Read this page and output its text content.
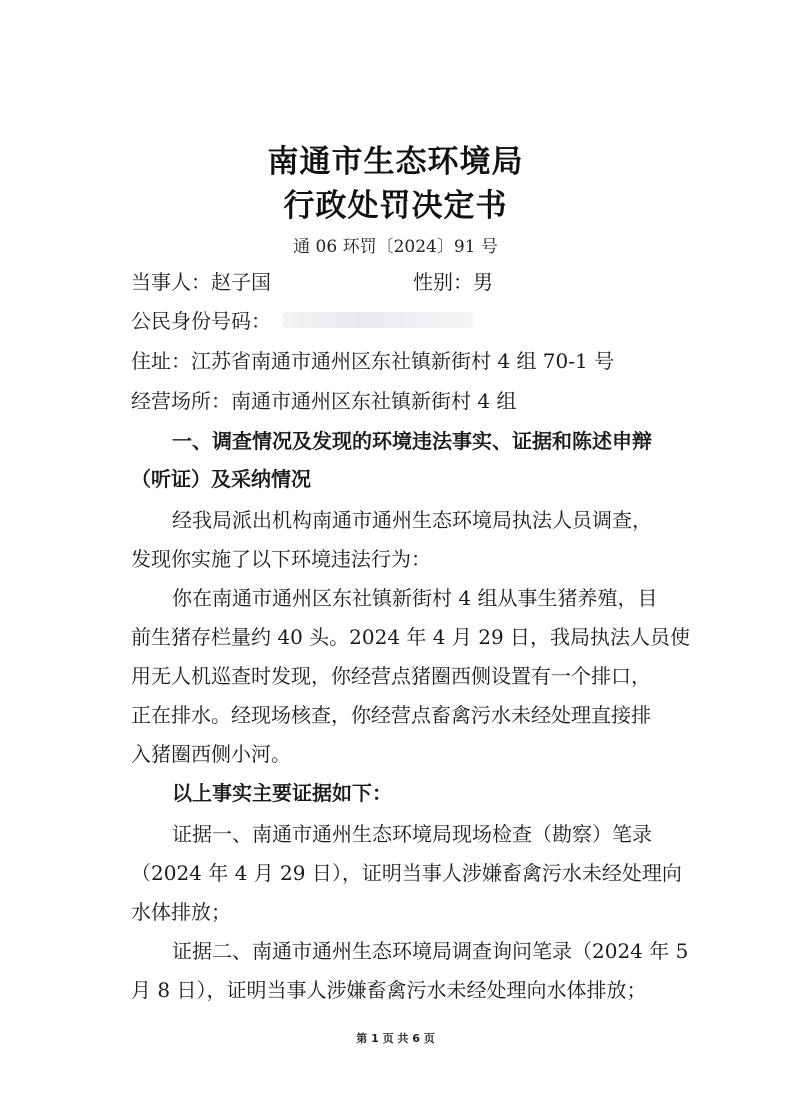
南通市生态环境局
行政处罚决定书
通 06 环罚〔2024〕91 号
当事人：赵子国	性别：男
公民身份号码：
住址：江苏省南通市通州区东社镇新街村 4 组 70-1 号
经营场所：南通市通州区东社镇新街村 4 组
一、调查情况及发现的环境违法事实、证据和陈述申辩
（听证）及采纳情况
经我局派出机构南通市通州生态环境局执法人员调查，
发现你实施了以下环境违法行为：
你在南通市通州区东社镇新街村 4 组从事生猪养殖，目
前生猪存栏量约 40 头。2024 年 4 月 29 日，我局执法人员使
用无人机巡查时发现，你经营点猪圈西侧设置有一个排口，
正在排水。经现场核查，你经营点畜禽污水未经处理直接排
入猪圈西侧小河。
以上事实主要证据如下：
证据一、南通市通州生态环境局现场检查（勘察）笔录
（2024 年 4 月 29 日），证明当事人涉嫌畜禽污水未经处理向
水体排放；
证据二、南通市通州生态环境局调查询问笔录（2024 年 5
月 8 日），证明当事人涉嫌畜禽污水未经处理向水体排放；
第 1 页 共 6 页
